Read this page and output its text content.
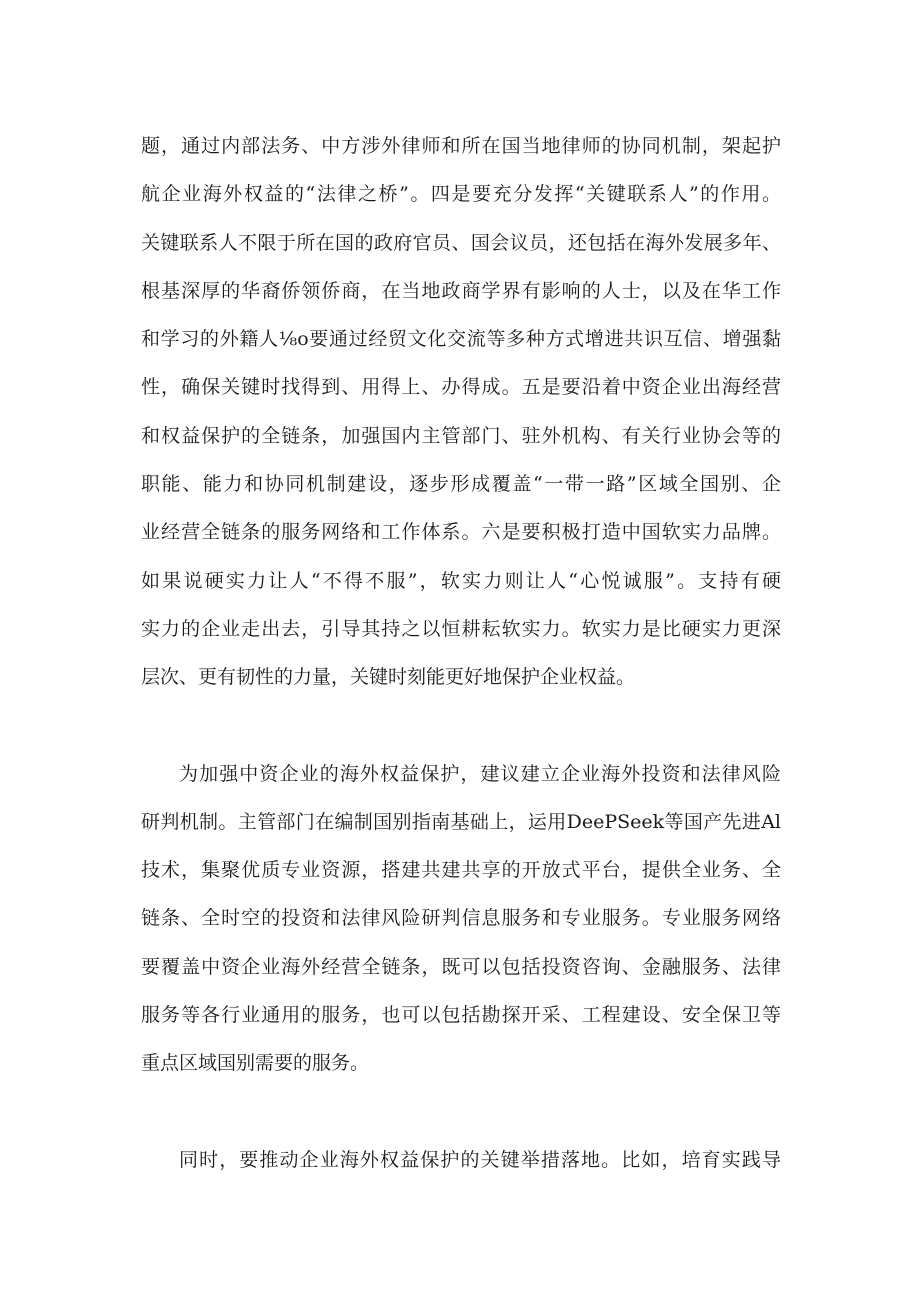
题，通过内部法务、中方涉外律师和所在国当地律师的协同机制，架起护
航企业海外权益的“法律之桥”。四是要充分发挥“关键联系人”的作用。
关键联系人不限于所在国的政府官员、国会议员，还包括在海外发展多年、
根基深厚的华裔侨领侨商，在当地政商学界有影响的人士，以及在华工作
和学习的外籍人⅛o要通过经贸文化交流等多种方式增进共识互信、增强黏
性，确保关键时找得到、用得上、办得成。五是要沿着中资企业出海经营
和权益保护的全链条，加强国内主管部门、驻外机构、有关行业协会等的
职能、能力和协同机制建设，逐步形成覆盖“一带一路”区域全国别、企
业经营全链条的服务网络和工作体系。六是要积极打造中国软实力品牌。
如果说硬实力让人“不得不服”，软实力则让人“心悦诚服”。支持有硬
实力的企业走出去，引导其持之以恒耕耘软实力。软实力是比硬实力更深
层次、更有韧性的力量，关键时刻能更好地保护企业权益。
为加强中资企业的海外权益保护，建议建立企业海外投资和法律风险
研判机制。主管部门在编制国别指南基础上，运用DeePSeek等国产先进Al
技术，集聚优质专业资源，搭建共建共享的开放式平台，提供全业务、全
链条、全时空的投资和法律风险研判信息服务和专业服务。专业服务网络
要覆盖中资企业海外经营全链条，既可以包括投资咨询、金融服务、法律
服务等各行业通用的服务，也可以包括勘探开采、工程建设、安全保卫等
重点区域国别需要的服务。
同时，要推动企业海外权益保护的关键举措落地。比如，培育实践导
